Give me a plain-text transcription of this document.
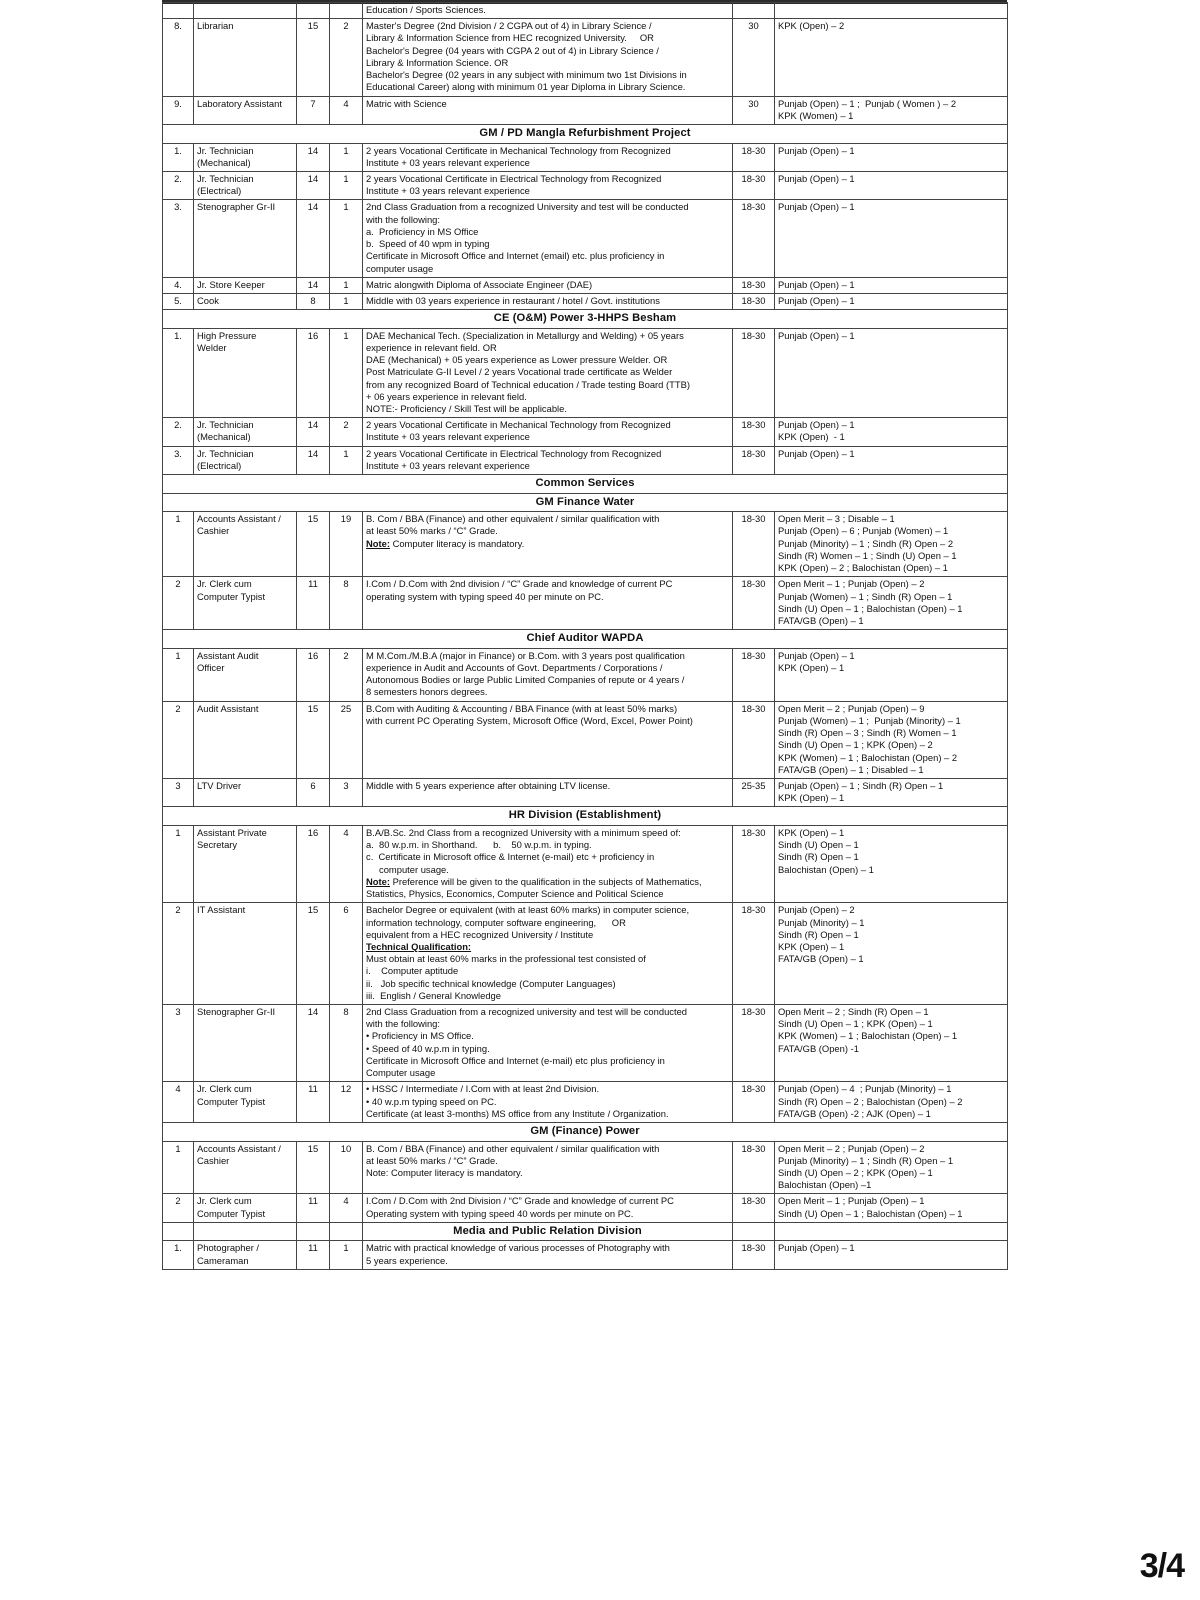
				Education / Sports Sciences.		
8.	Librarian	15	2	Master's Degree (2nd Division / 2 CGPA out of 4) in Library Science /
Library & Information Science from HEC recognized University.     OR
Bachelor's Degree (04 years with CGPA 2 out of 4) in Library Science /
Library & Information Science. OR
Bachelor's Degree (02 years in any subject with minimum two 1st Divisions in
Educational Career) along with minimum 01 year Diploma in Library Science.
	30	KPK (Open) – 2

9.	Laboratory Assistant	7	4	Matric with Science	30	Punjab (Open) – 1 ;  Punjab ( Women ) – 2
KPK (Women) – 1

GM / PD Mangla Refurbishment Project						
1.	Jr. Technician
(Mechanical)	14	1	2 years Vocational Certificate in Mechanical Technology from Recognized
Institute + 03 years relevant experience	18-30	Punjab (Open) – 1

2.	Jr. Technician
(Electrical)	14	1	2 years Vocational Certificate in Electrical Technology from Recognized
Institute + 03 years relevant experience	18-30	Punjab (Open) – 1

3.	Stenographer Gr-II	14	1	2nd Class Graduation from a recognized University and test will be conducted
with the following:
a.  Proficiency in MS Office
b.  Speed of 40 wpm in typing
Certificate in Microsoft Office and Internet (email) etc. plus proficiency in
computer usage
	18-30	Punjab (Open) – 1

4.	Jr. Store Keeper	14	1	Matric alongwith Diploma of Associate Engineer (DAE)	18-30	Punjab (Open) – 1

5.	Cook	8	1	Middle with 03 years experience in restaurant / hotel / Govt. institutions	18-30	Punjab (Open) – 1

CE (O&M) Power 3-HHPS Besham						
1.	High Pressure
Welder
	16	1	DAE Mechanical Tech. (Specialization in Metallurgy and Welding) + 05 years
experience in relevant field. OR
DAE (Mechanical) + 05 years experience as Lower pressure Welder. OR
Post Matriculate G-II Level / 2 years Vocational trade certificate as Welder
from any recognized Board of Technical education / Trade testing Board (TTB)
+ 06 years experience in relevant field.
NOTE:- Proficiency / Skill Test will be applicable.
	18-30	Punjab (Open) – 1

2.	Jr. Technician
(Mechanical)	14	2	2 years Vocational Certificate in Mechanical Technology from Recognized
Institute + 03 years relevant experience	18-30	Punjab (Open) – 1
KPK (Open)  - 1

3.	Jr. Technician
(Electrical)	14	1	2 years Vocational Certificate in Electrical Technology from Recognized
Institute + 03 years relevant experience	18-30	Punjab (Open) – 1

Common Services						
GM Finance Water						
1	Accounts Assistant /
Cashier	15	19	B. Com / BBA (Finance) and other equivalent / similar qualification with
at least 50% marks / “C” Grade.
Note: Computer literacy is mandatory.	18-30	Open Merit – 3 ; Disable – 1
Punjab (Open) – 6 ; Punjab (Women) – 1
Punjab (Minority) – 1 ; Sindh (R) Open – 2
Sindh (R) Women – 1 ; Sindh (U) Open – 1
KPK (Open) – 2 ; Balochistan (Open) – 1

2	Jr. Clerk cum
Computer Typist	11	8	I.Com / D.Com with 2nd division / “C” Grade and knowledge of current PC
operating system with typing speed 40 per minute on PC.	18-30	Open Merit – 1 ; Punjab (Open) – 2
Punjab (Women) – 1 ; Sindh (R) Open – 1
Sindh (U) Open – 1 ; Balochistan (Open) – 1
FATA/GB (Open) – 1

Chief Auditor WAPDA						
1	Assistant Audit
Officer	16	2	M M.Com./M.B.A (major in Finance) or B.Com. with 3 years post qualification
experience in Audit and Accounts of Govt. Departments / Corporations /
Autonomous Bodies or large Public Limited Companies of repute or 4 years /
8 semesters honors degrees.	18-30	Punjab (Open) – 1
KPK (Open) – 1

2	Audit Assistant	15	25	B.Com with Auditing & Accounting / BBA Finance (with at least 50% marks)
with current PC Operating System, Microsoft Office (Word, Excel, Power Point)
	18-30	Open Merit – 2 ; Punjab (Open) – 9
Punjab (Women) – 1 ;  Punjab (Minority) – 1
Sindh (R) Open – 3 ; Sindh (R) Women – 1
Sindh (U) Open – 1 ; KPK (Open) – 2
KPK (Women) – 1 ; Balochistan (Open) – 2
FATA/GB (Open) – 1 ; Disabled – 1

3	LTV Driver	6	3	Middle with 5 years experience after obtaining LTV license.	25-35	Punjab (Open) – 1 ; Sindh (R) Open – 1
KPK (Open) – 1

HR Division (Establishment)						
1	Assistant Private
Secretary
	16	4	B.A/B.Sc. 2nd Class from a recognized University with a minimum speed of:
a.  80 w.p.m. in Shorthand.      b.    50 w.p.m. in typing.
c.  Certificate in Microsoft office & Internet (e-mail) etc + proficiency in
computer usage.
Note: Preference will be given to the qualification in the subjects of Mathematics, Statistics, Physics, Economics, Computer Science and Political Science
	18-30	KPK (Open) – 1
Sindh (U) Open – 1
Sindh (R) Open – 1
Balochistan (Open) – 1

2	IT Assistant	15	6	Bachelor Degree or equivalent (with at least 60% marks) in computer science,
information technology, computer software engineering,      OR
equivalent from a HEC recognized University / Institute
Technical Qualification:
Must obtain at least 60% marks in the professional test consisted of
i.    Computer aptitude
ii.   Job specific technical knowledge (Computer Languages)
iii.  English / General Knowledge
	18-30	Punjab (Open) – 2
Punjab (Minority) – 1
Sindh (R) Open – 1
KPK (Open) – 1
FATA/GB (Open) – 1

3	Stenographer Gr-II	14	8	2nd Class Graduation from a recognized university and test will be conducted
with the following:
• Proficiency in MS Office.
• Speed of 40 w.p.m in typing.
Certificate in Microsoft Office and Internet (e-mail) etc plus proficiency in
Computer usage
	18-30	Open Merit – 2 ; Sindh (R) Open – 1
Sindh (U) Open – 1 ; KPK (Open) – 1
KPK (Women) – 1 ; Balochistan (Open) – 1
FATA/GB (Open) -1

4	Jr. Clerk cum
Computer Typist	11	12	• HSSC / Intermediate / I.Com with at least 2nd Division.
• 40 w.p.m typing speed on PC.
Certificate (at least 3-months) MS office from any Institute / Organization.	18-30	Punjab (Open) – 4  ; Punjab (Minority) – 1
Sindh (R) Open – 2 ; Balochistan (Open) – 2
FATA/GB (Open) -2 ; AJK (Open) – 1

GM (Finance) Power						
1	Accounts Assistant /
Cashier	15	10	B. Com / BBA (Finance) and other equivalent / similar qualification with
at least 50% marks / “C” Grade.
Note: Computer literacy is mandatory.	18-30	Open Merit – 2 ; Punjab (Open) – 2
Punjab (Minority) – 1 ; Sindh (R) Open – 1
Sindh (U) Open – 2 ; KPK (Open) – 1
Balochistan (Open) –1

2	Jr. Clerk cum
Computer Typist	11	4	I.Com / D.Com with 2nd Division / “C” Grade and knowledge of current PC
Operating system with typing speed 40 words per minute on PC.	18-30	Open Merit – 1 ; Punjab (Open) – 1
Sindh (U) Open – 1 ; Balochistan (Open) – 1

				Media and Public Relation Division		
1.	Photographer /
Cameraman	11	1	Matric with practical knowledge of various processes of Photography with
5 years experience.	18-30	Punjab (Open) – 1
3/4
